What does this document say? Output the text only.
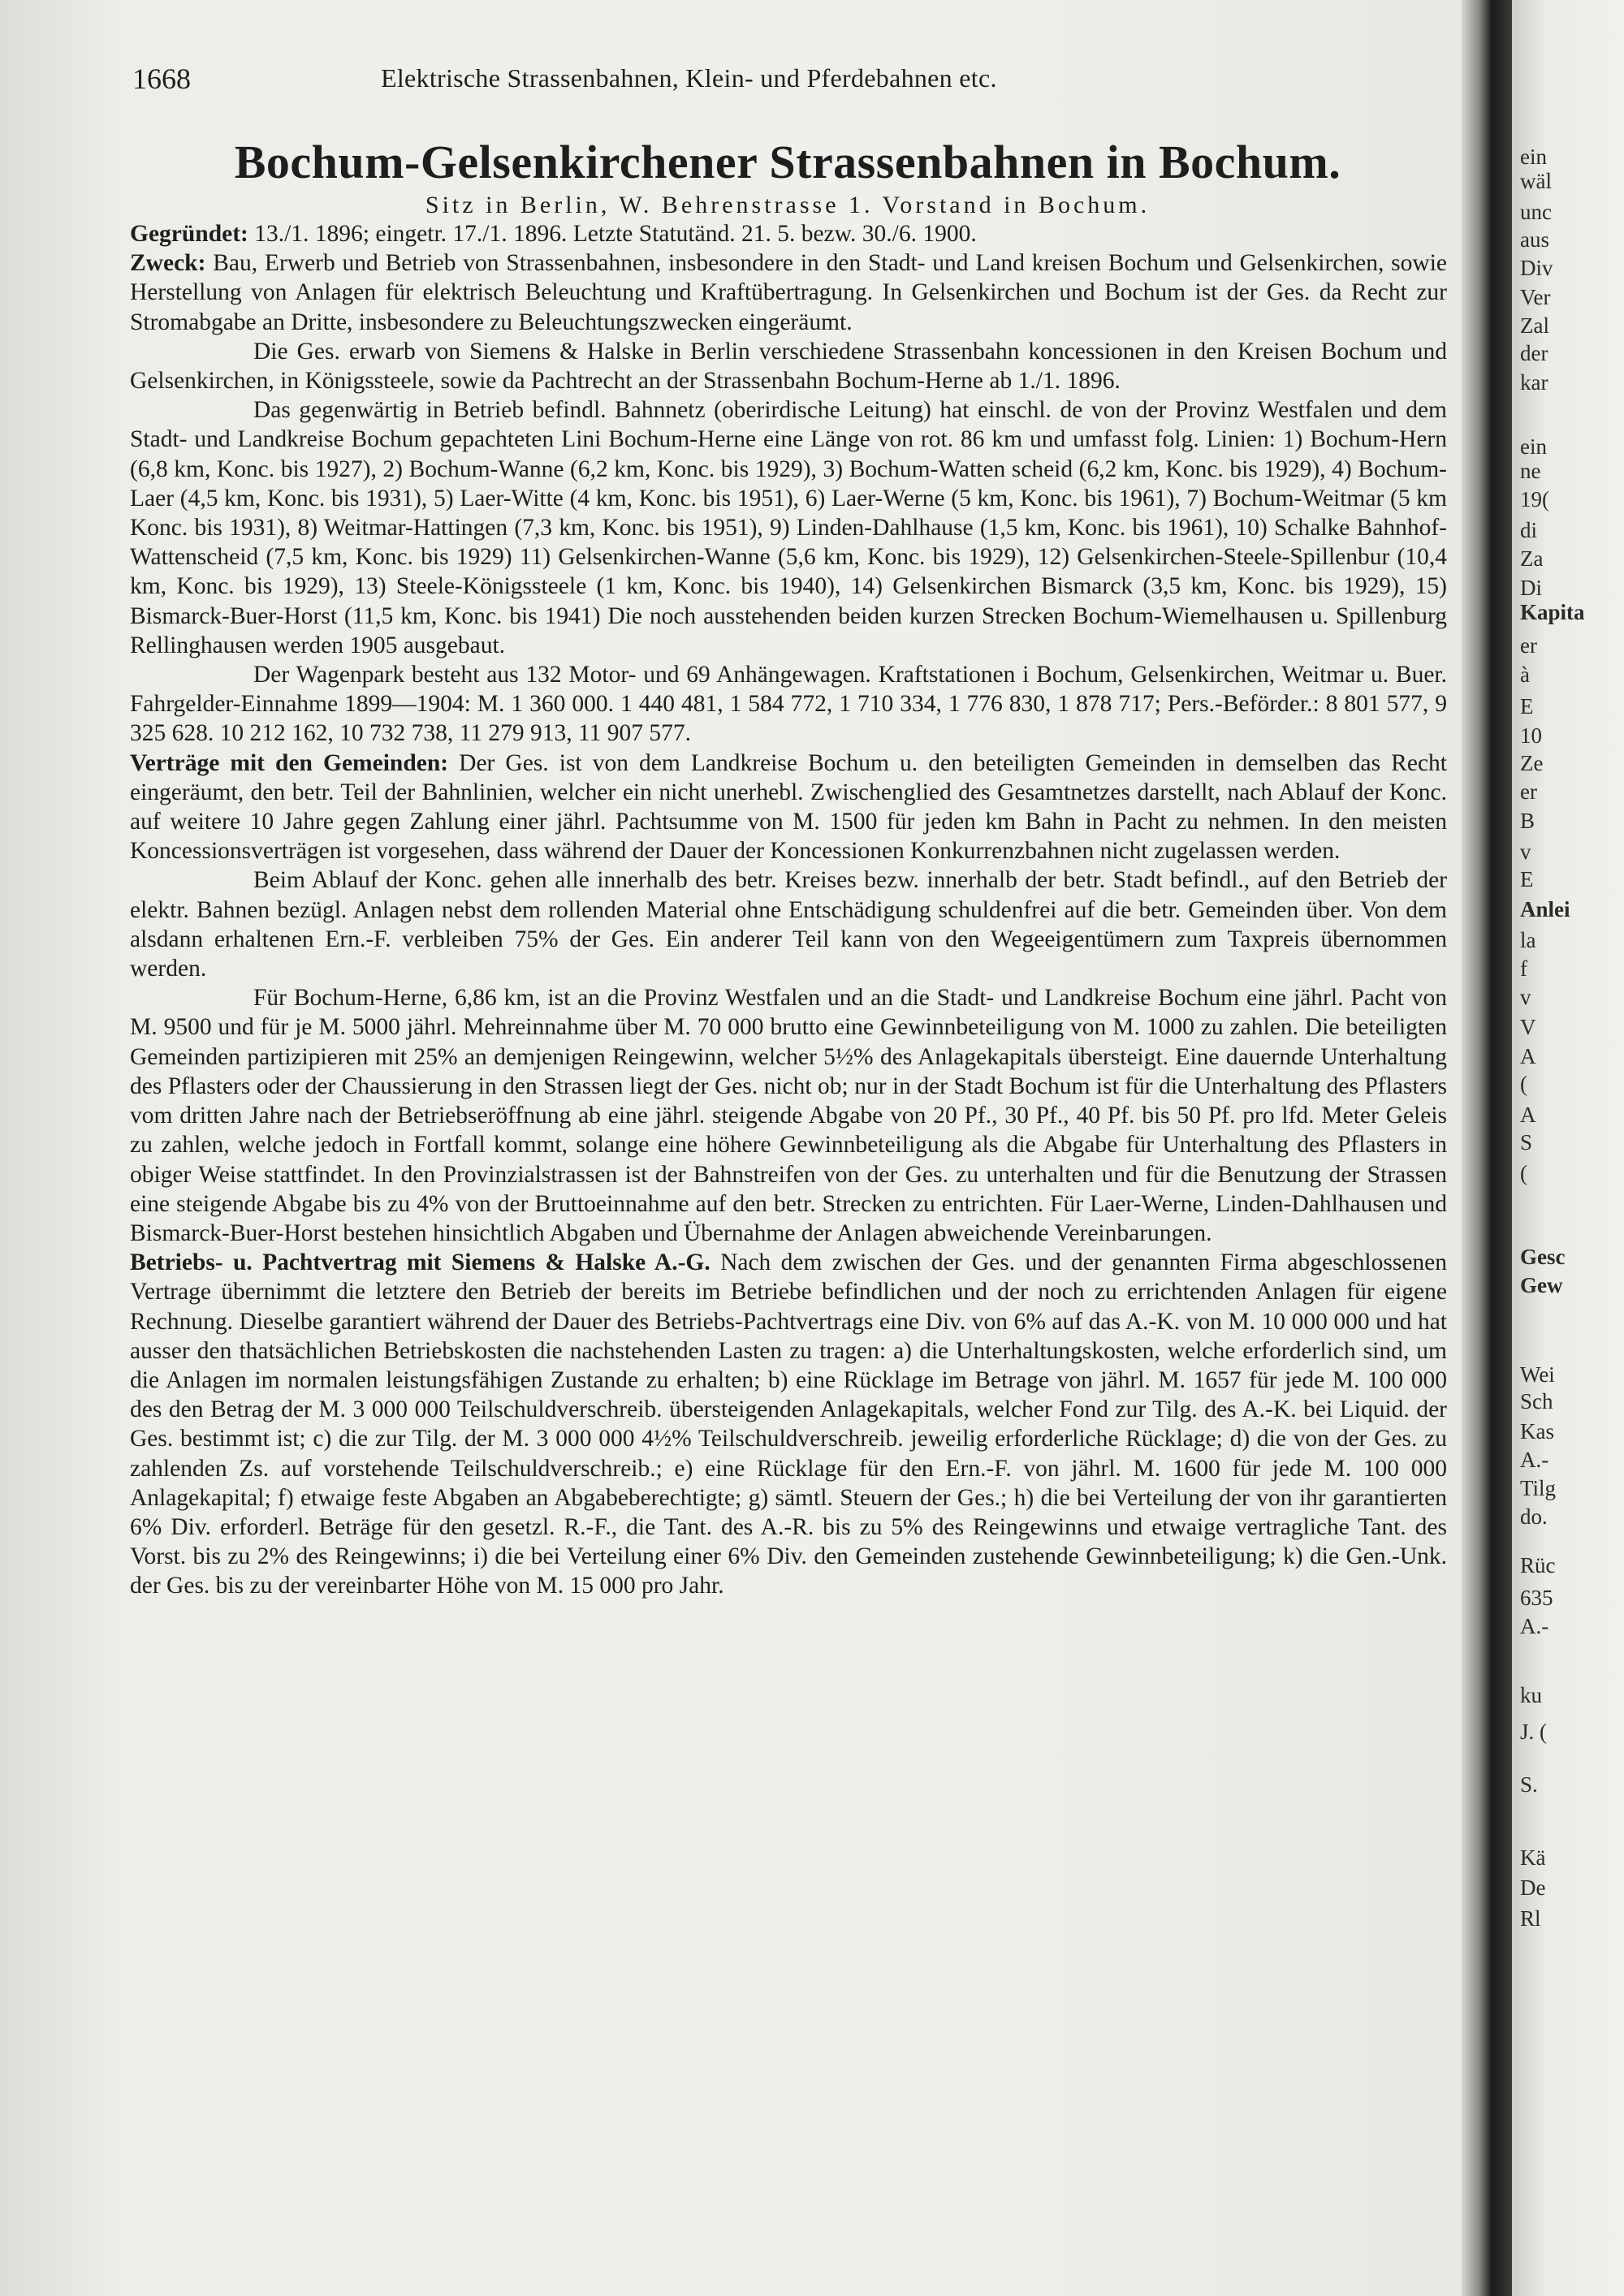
1668	Elektrische Strassenbahnen, Klein- und Pferdebahnen etc.
Bochum-Gelsenkirchener Strassenbahnen in Bochum.
Sitz in Berlin, W. Behrenstrasse 1. Vorstand in Bochum.

Gegründet: 13./1. 1896; eingetr. 17./1. 1896. Letzte Statutänd. 21. 5. bezw. 30./6. 1900.

Zweck: Bau, Erwerb und Betrieb von Strassenbahnen, insbesondere in den Stadt- und Land kreisen Bochum und Gelsenkirchen, sowie Herstellung von Anlagen für elektrisch Beleuchtung und Kraftübertragung. In Gelsenkirchen und Bochum ist der Ges. da Recht zur Stromabgabe an Dritte, insbesondere zu Beleuchtungszwecken eingeräumt.

Die Ges. erwarb von Siemens & Halske in Berlin verschiedene Strassenbahn koncessionen in den Kreisen Bochum und Gelsenkirchen, in Königssteele, sowie da Pachtrecht an der Strassenbahn Bochum-Herne ab 1./1. 1896.

Das gegenwärtig in Betrieb befindl. Bahnnetz (oberirdische Leitung) hat einschl. de von der Provinz Westfalen und dem Stadt- und Landkreise Bochum gepachteten Lini Bochum-Herne eine Länge von rot. 86 km und umfasst folg. Linien: 1) Bochum-Hern (6,8 km, Konc. bis 1927), 2) Bochum-Wanne (6,2 km, Konc. bis 1929), 3) Bochum-Watten scheid (6,2 km, Konc. bis 1929), 4) Bochum-Laer (4,5 km, Konc. bis 1931), 5) Laer-Witte (4 km, Konc. bis 1951), 6) Laer-Werne (5 km, Konc. bis 1961), 7) Bochum-Weitmar (5 km Konc. bis 1931), 8) Weitmar-Hattingen (7,3 km, Konc. bis 1951), 9) Linden-Dahlhause (1,5 km, Konc. bis 1961), 10) Schalke Bahnhof-Wattenscheid (7,5 km, Konc. bis 1929) 11) Gelsenkirchen-Wanne (5,6 km, Konc. bis 1929), 12) Gelsenkirchen-Steele-Spillenbur (10,4 km, Konc. bis 1929), 13) Steele-Königssteele (1 km, Konc. bis 1940), 14) Gelsenkirchen Bismarck (3,5 km, Konc. bis 1929), 15) Bismarck-Buer-Horst (11,5 km, Konc. bis 1941) Die noch ausstehenden beiden kurzen Strecken Bochum-Wiemelhausen u. Spillenburg Rellinghausen werden 1905 ausgebaut.

Der Wagenpark besteht aus 132 Motor- und 69 Anhängewagen. Kraftstationen i Bochum, Gelsenkirchen, Weitmar u. Buer. Fahrgelder-Einnahme 1899—1904: M. 1 360 000. 1 440 481, 1 584 772, 1 710 334, 1 776 830, 1 878 717; Pers.-Beförder.: 8 801 577, 9 325 628. 10 212 162, 10 732 738, 11 279 913, 11 907 577.

Verträge mit den Gemeinden: Der Ges. ist von dem Landkreise Bochum u. den beteiligten Gemeinden in demselben das Recht eingeräumt, den betr. Teil der Bahnlinien, welcher ein nicht unerhebl. Zwischenglied des Gesamtnetzes darstellt, nach Ablauf der Konc. auf weitere 10 Jahre gegen Zahlung einer jährl. Pachtsumme von M. 1500 für jeden km Bahn in Pacht zu nehmen. In den meisten Koncessionsverträgen ist vorgesehen, dass während der Dauer der Koncessionen Konkurrenzbahnen nicht zugelassen werden.

Beim Ablauf der Konc. gehen alle innerhalb des betr. Kreises bezw. innerhalb der betr. Stadt befindl., auf den Betrieb der elektr. Bahnen bezügl. Anlagen nebst dem rollenden Material ohne Entschädigung schuldenfrei auf die betr. Gemeinden über. Von dem alsdann erhaltenen Ern.-F. verbleiben 75% der Ges. Ein anderer Teil kann von den Wegeeigentümern zum Taxpreis übernommen werden.

Für Bochum-Herne, 6,86 km, ist an die Provinz Westfalen und an die Stadt- und Landkreise Bochum eine jährl. Pacht von M. 9500 und für je M. 5000 jährl. Mehreinnahme über M. 70 000 brutto eine Gewinnbeteiligung von M. 1000 zu zahlen. Die beteiligten Gemeinden partizipieren mit 25% an demjenigen Reingewinn, welcher 5½% des Anlagekapitals übersteigt. Eine dauernde Unterhaltung des Pflasters oder der Chaussierung in den Strassen liegt der Ges. nicht ob; nur in der Stadt Bochum ist für die Unterhaltung des Pflasters vom dritten Jahre nach der Betriebseröffnung ab eine jährl. steigende Abgabe von 20 Pf., 30 Pf., 40 Pf. bis 50 Pf. pro lfd. Meter Geleis zu zahlen, welche jedoch in Fortfall kommt, solange eine höhere Gewinnbeteiligung als die Abgabe für Unterhaltung des Pflasters in obiger Weise stattfindet. In den Provinzialstrassen ist der Bahnstreifen von der Ges. zu unterhalten und für die Benutzung der Strassen eine steigende Abgabe bis zu 4% von der Bruttoeinnahme auf den betr. Strecken zu entrichten. Für Laer-Werne, Linden-Dahlhausen und Bismarck-Buer-Horst bestehen hinsichtlich Abgaben und Übernahme der Anlagen abweichende Vereinbarungen.

Betriebs- u. Pachtvertrag mit Siemens & Halske A.-G. Nach dem zwischen der Ges. und der genannten Firma abgeschlossenen Vertrage übernimmt die letztere den Betrieb der bereits im Betriebe befindlichen und der noch zu errichtenden Anlagen für eigene Rechnung. Dieselbe garantiert während der Dauer des Betriebs-Pachtvertrags eine Div. von 6% auf das A.-K. von M. 10 000 000 und hat ausser den thatsächlichen Betriebskosten die nachstehenden Lasten zu tragen: a) die Unterhaltungskosten, welche erforderlich sind, um die Anlagen im normalen leistungsfähigen Zustande zu erhalten; b) eine Rücklage im Betrage von jährl. M. 1657 für jede M. 100 000 des den Betrag der M. 3 000 000 Teilschuldverschreib. übersteigenden Anlagekapitals, welcher Fond zur Tilg. des A.-K. bei Liquid. der Ges. bestimmt ist; c) die zur Tilg. der M. 3 000 000 4½% Teilschuldverschreib. jeweilig erforderliche Rücklage; d) die von der Ges. zu zahlenden Zs. auf vorstehende Teilschuldverschreib.; e) eine Rücklage für den Ern.-F. von jährl. M. 1600 für jede M. 100 000 Anlagekapital; f) etwaige feste Abgaben an Abgabeberechtigte; g) sämtl. Steuern der Ges.; h) die bei Verteilung der von ihr garantierten 6% Div. erforderl. Beträge für den gesetzl. R.-F., die Tant. des A.-R. bis zu 5% des Reingewinns und etwaige vertragliche Tant. des Vorst. bis zu 2% des Reingewinns; i) die bei Verteilung einer 6% Div. den Gemeinden zustehende Gewinnbeteiligung; k) die Gen.-Unk. der Ges. bis zu der vereinbarter Höhe von M. 15 000 pro Jahr.

ein
wäl
unc
aus
Div
Ver
Zal
der
kar
ein
ne
19(
di
Za
Di
Kapita
er
à
E
10
Ze
er
B
v
E
Anlei
la
f
v
V
A
(
A
S
(
Gesc
Gew
Wei
Sch
Kas
A.-
Tilg
do.
Rüc
635
A.-
ku
J. (
S.
Kä
De
Rl
